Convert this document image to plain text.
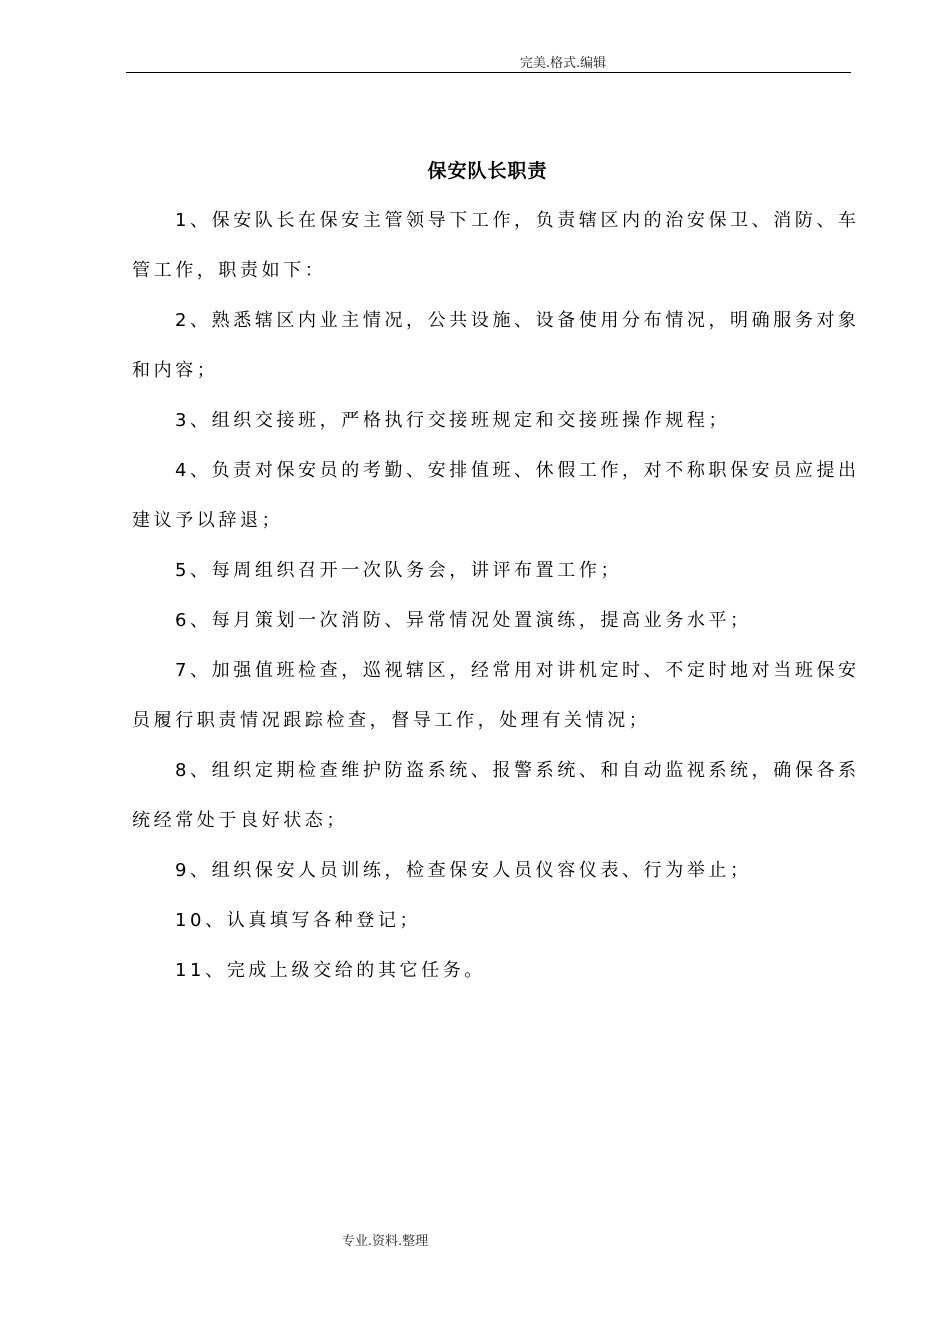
完美.格式.编辑
保安队长职责

1、保安队长在保安主管领导下工作，负责辖区内的治安保卫、消防、车管工作，职责如下：

2、熟悉辖区内业主情况，公共设施、设备使用分布情况，明确服务对象和内容；

3、组织交接班，严格执行交接班规定和交接班操作规程；

4、负责对保安员的考勤、安排值班、休假工作，对不称职保安员应提出建议予以辞退；

5、每周组织召开一次队务会，讲评布置工作；

6、每月策划一次消防、异常情况处置演练，提高业务水平；

7、加强值班检查，巡视辖区，经常用对讲机定时、不定时地对当班保安员履行职责情况跟踪检查，督导工作，处理有关情况；

8、组织定期检查维护防盗系统、报警系统、和自动监视系统，确保各系统经常处于良好状态；

9、组织保安人员训练，检查保安人员仪容仪表、行为举止；

10、认真填写各种登记；

11、完成上级交给的其它任务。

专业.资料.整理
